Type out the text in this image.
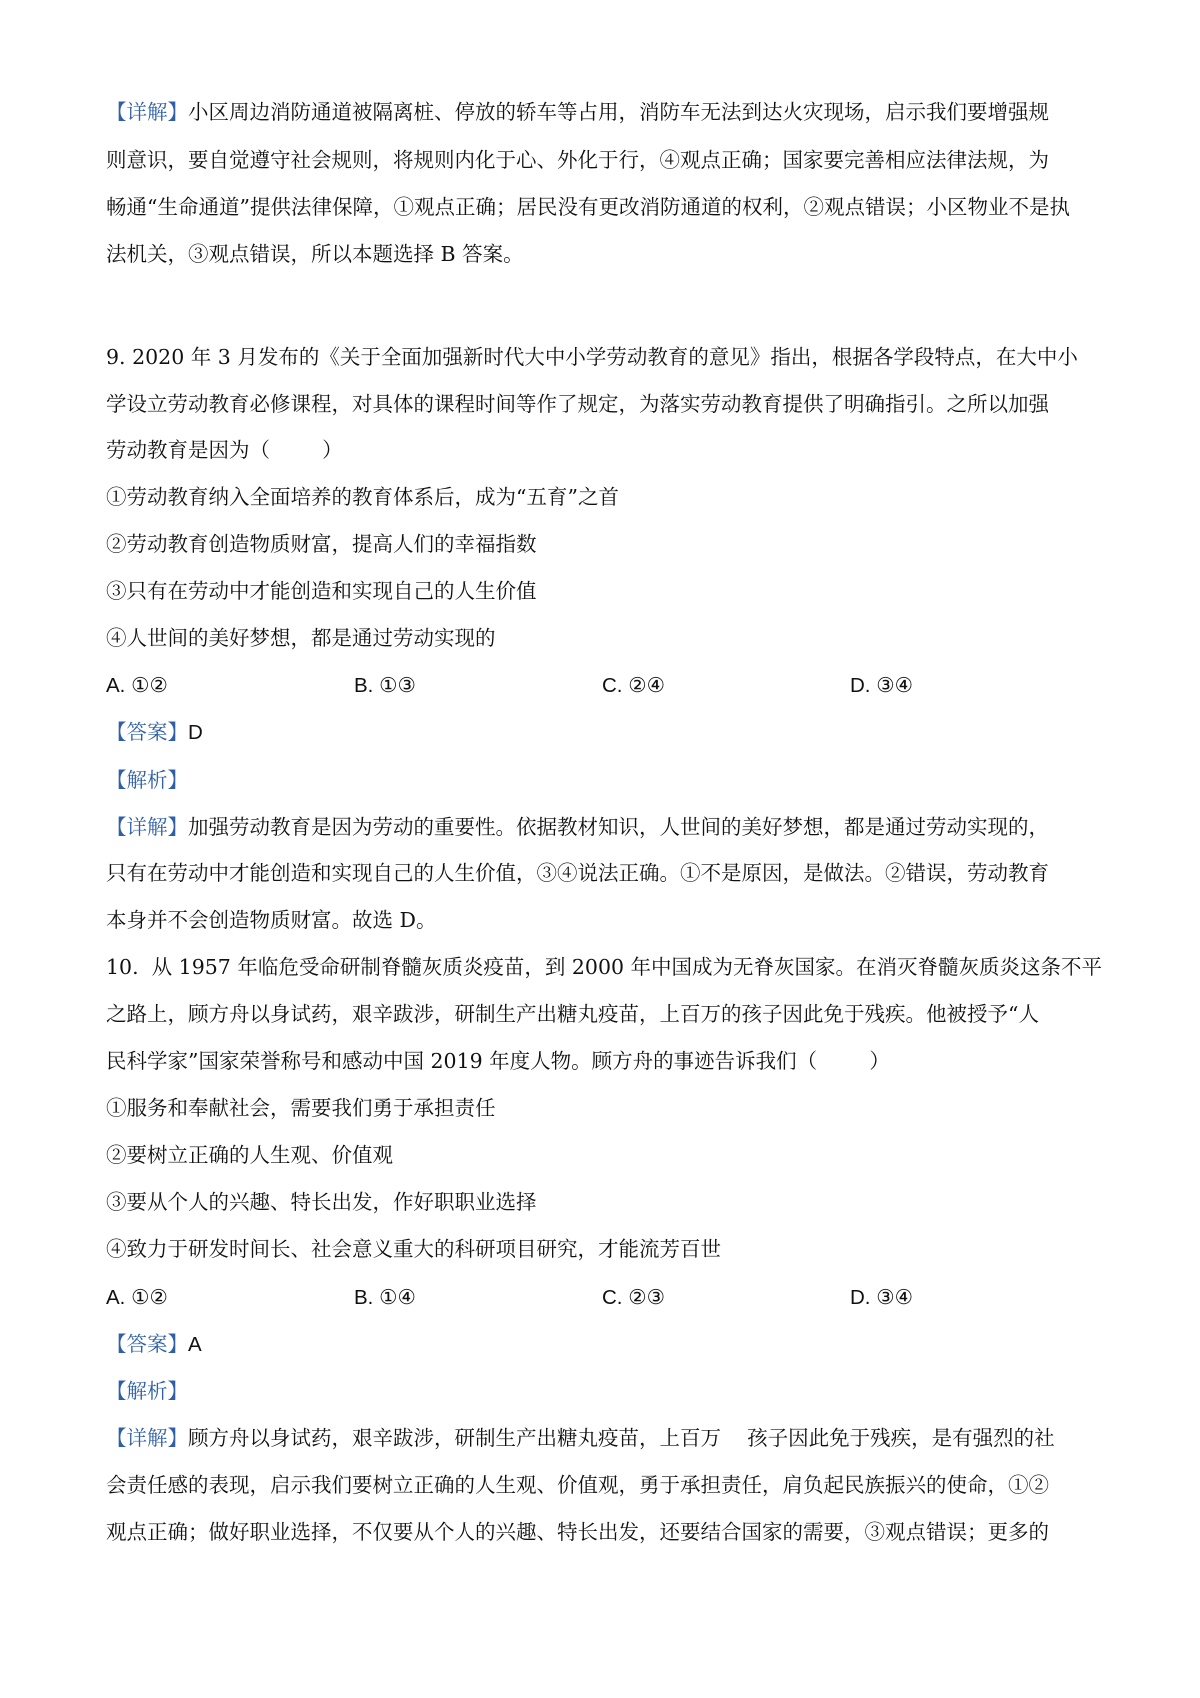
【详解】小区周边消防通道被隔离桩、停放的轿车等占用，消防车无法到达火灾现场，启示我们要增强规

则意识，要自觉遵守社会规则，将规则内化于心、外化于行，④观点正确；国家要完善相应法律法规，为

畅通“生命通道”提供法律保障，①观点正确；居民没有更改消防通道的权利，②观点错误；小区物业不是执

法机关，③观点错误，所以本题选择 B 答案。

9. 2020 年 3 月发布的《关于全面加强新时代大中小学劳动教育的意见》指出，根据各学段特点，在大中小

学设立劳动教育必修课程，对具体的课程时间等作了规定，为落实劳动教育提供了明确指引。之所以加强

劳动教育是因为（        ）

①劳动教育纳入全面培养的教育体系后，成为“五育”之首

②劳动教育创造物质财富，提高人们的幸福指数

③只有在劳动中才能创造和实现自己的人生价值

④人世间的美好梦想，都是通过劳动实现的

A. ①②	B. ①③	C. ②④	D. ③④

【答案】D

【解析】

【详解】加强劳动教育是因为劳动的重要性。依据教材知识，人世间的美好梦想，都是通过劳动实现的，

只有在劳动中才能创造和实现自己的人生价值，③④说法正确。①不是原因，是做法。②错误，劳动教育

本身并不会创造物质财富。故选 D。

10.  从 1957 年临危受命研制脊髓灰质炎疫苗，到 2000 年中国成为无脊灰国家。在消灭脊髓灰质炎这条不平

之路上，顾方舟以身试药，艰辛跋涉，研制生产出糖丸疫苗，上百万的孩子因此免于残疾。他被授予“人

民科学家”国家荣誉称号和感动中国 2019 年度人物。顾方舟的事迹告诉我们（        ）

①服务和奉献社会，需要我们勇于承担责任

②要树立正确的人生观、价值观

③要从个人的兴趣、特长出发，作好职职业选择

④致力于研发时间长、社会意义重大的科研项目研究，才能流芳百世

A. ①②	B. ①④	C. ②③	D. ③④

【答案】A

【解析】

【详解】顾方舟以身试药，艰辛跋涉，研制生产出糖丸疫苗，上百万    孩子因此免于残疾，是有强烈的社

会责任感的表现，启示我们要树立正确的人生观、价值观，勇于承担责任，肩负起民族振兴的使命，①②

观点正确；做好职业选择，不仅要从个人的兴趣、特长出发，还要结合国家的需要，③观点错误；更多的
